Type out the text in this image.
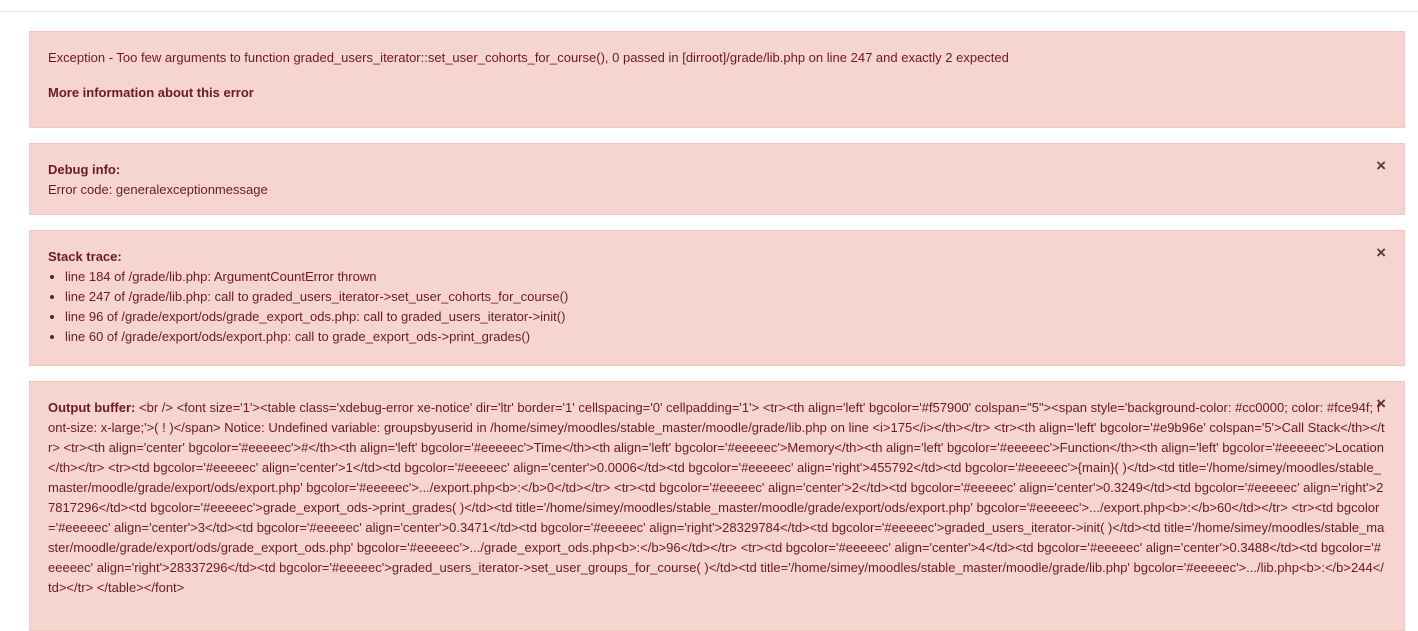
Exception - Too few arguments to function graded_users_iterator::set_user_cohorts_for_course(), 0 passed in [dirroot]/grade/lib.php on line 247 and exactly 2 expected
More information about this error
×
Debug info:
Error code: generalexceptionmessage
×
Stack trace:
• line 184 of /grade/lib.php: ArgumentCountError thrown
• line 247 of /grade/lib.php: call to graded_users_iterator->set_user_cohorts_for_course()
• line 96 of /grade/export/ods/grade_export_ods.php: call to graded_users_iterator->init()
• line 60 of /grade/export/ods/export.php: call to grade_export_ods->print_grades()
×
Output buffer: <br /> <font size='1'><table class='xdebug-error xe-notice' dir='ltr' border='1' cellspacing='0' cellpadding='1'> <tr><th align='left' bgcolor='#f57900' colspan="5"><span style='background-color: #cc0000; color: #fce94f; font-size: x-large;'>( ! )</span> Notice: Undefined variable: groupsbyuserid in /home/simey/moodles/stable_master/moodle/grade/lib.php on line <i>175</i></th></tr> <tr><th align='left' bgcolor='#e9b96e' colspan='5'>Call Stack</th></tr> <tr><th align='center' bgcolor='#eeeeec'>#</th><th align='left' bgcolor='#eeeeec'>Time</th><th align='left' bgcolor='#eeeeec'>Memory</th><th align='left' bgcolor='#eeeeec'>Function</th><th align='left' bgcolor='#eeeeec'>Location</th></tr> <tr><td bgcolor='#eeeeec' align='center'>1</td><td bgcolor='#eeeeec' align='center'>0.0006</td><td bgcolor='#eeeeec' align='right'>455792</td><td bgcolor='#eeeeec'>{main}( )</td><td title='/home/simey/moodles/stable_master/moodle/grade/export/ods/export.php' bgcolor='#eeeeec'>.../export.php<b>:</b>0</td></tr> <tr><td bgcolor='#eeeeec' align='center'>2</td><td bgcolor='#eeeeec' align='center'>0.3249</td><td bgcolor='#eeeeec' align='right'>27817296</td><td bgcolor='#eeeeec'>grade_export_ods->print_grades( )</td><td title='/home/simey/moodles/stable_master/moodle/grade/export/ods/export.php' bgcolor='#eeeeec'>.../export.php<b>:</b>60</td></tr> <tr><td bgcolor='#eeeeec' align='center'>3</td><td bgcolor='#eeeeec' align='center'>0.3471</td><td bgcolor='#eeeeec' align='right'>28329784</td><td bgcolor='#eeeeec'>graded_users_iterator->init( )</td><td title='/home/simey/moodles/stable_master/moodle/grade/export/ods/grade_export_ods.php' bgcolor='#eeeeec'>.../grade_export_ods.php<b>:</b>96</td></tr> <tr><td bgcolor='#eeeeec' align='center'>4</td><td bgcolor='#eeeeec' align='center'>0.3488</td><td bgcolor='#eeeeec' align='right'>28337296</td><td bgcolor='#eeeeec'>graded_users_iterator->set_user_groups_for_course( )</td><td title='/home/simey/moodles/stable_master/moodle/grade/lib.php' bgcolor='#eeeeec'>.../lib.php<b>:</b>244</td></tr> </table></font>
